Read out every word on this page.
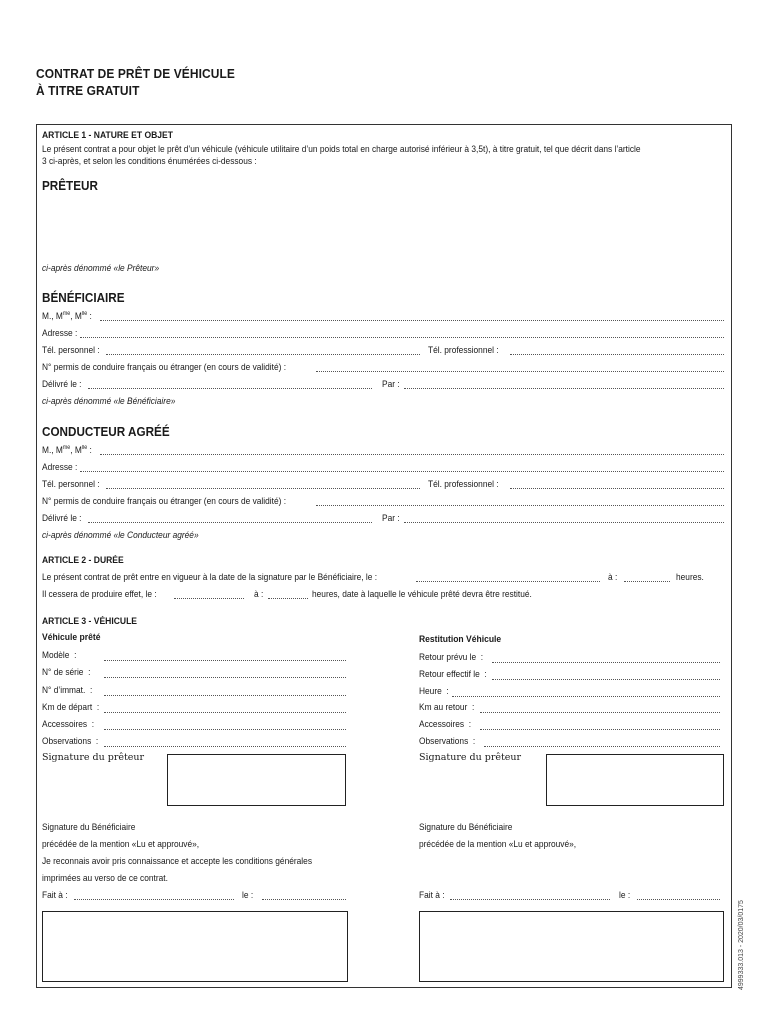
CONTRAT DE PRÊT DE VÉHICULE
À TITRE GRATUIT
ARTICLE 1 - NATURE ET OBJET
Le présent contrat a pour objet le prêt d’un véhicule (véhicule utilitaire d’un poids total en charge autorisé inférieur à 3,5t), à titre gratuit, tel que décrit dans l’article
3 ci-après, et selon les conditions énumérées ci-dessous :
PRÊTEUR
ci-après dénommé «le Prêteur»
BÉNÉFICIAIRE
M., $M^{me}$, $M^{lle}$ :
Adresse :
Tél. personnel :	Tél. professionnel :
N° permis de conduire français ou étranger (en cours de validité) :
Délivré le :	Par :
ci-après dénommé «le Bénéficiaire»
CONDUCTEUR AGRÉÉ
M., $M^{me}$, $M^{lle}$ :
Adresse :
Tél. personnel :	Tél. professionnel :
N° permis de conduire français ou étranger (en cours de validité) :
Délivré le :	Par :
ci-après dénommé «le Conducteur agréé»
ARTICLE 2 - DURÉE
Le présent contrat de prêt entre en vigueur à la date de la signature par le Bénéficiaire, le :	à :	heures.
Il cessera de produire effet, le :	à :	heures, date à laquelle le véhicule prêté devra être restitué.
ARTICLE 3 - VÉHICULE
Véhicule prêté	Restitution Véhicule
Modèle  :
N° de série  :
N° d’immat.  :
Km de départ  :
Accessoires  :
Observations  :
Signature du prêteur
Retour prévu le  :
Retour effectif le  :
Heure  :
Km au retour  :
Accessoires  :
Observations  :
Signature du prêteur
Signature du Bénéficiaire
précédée de la mention «Lu et approuvé»,
Je reconnais avoir pris connaissance et accepte les conditions générales
imprimées au verso de ce contrat.
Fait à :	le :
Signature du Bénéficiaire
précédée de la mention «Lu et approuvé»,
Fait à :	le :
4999333.013 - 2020/03/0175
